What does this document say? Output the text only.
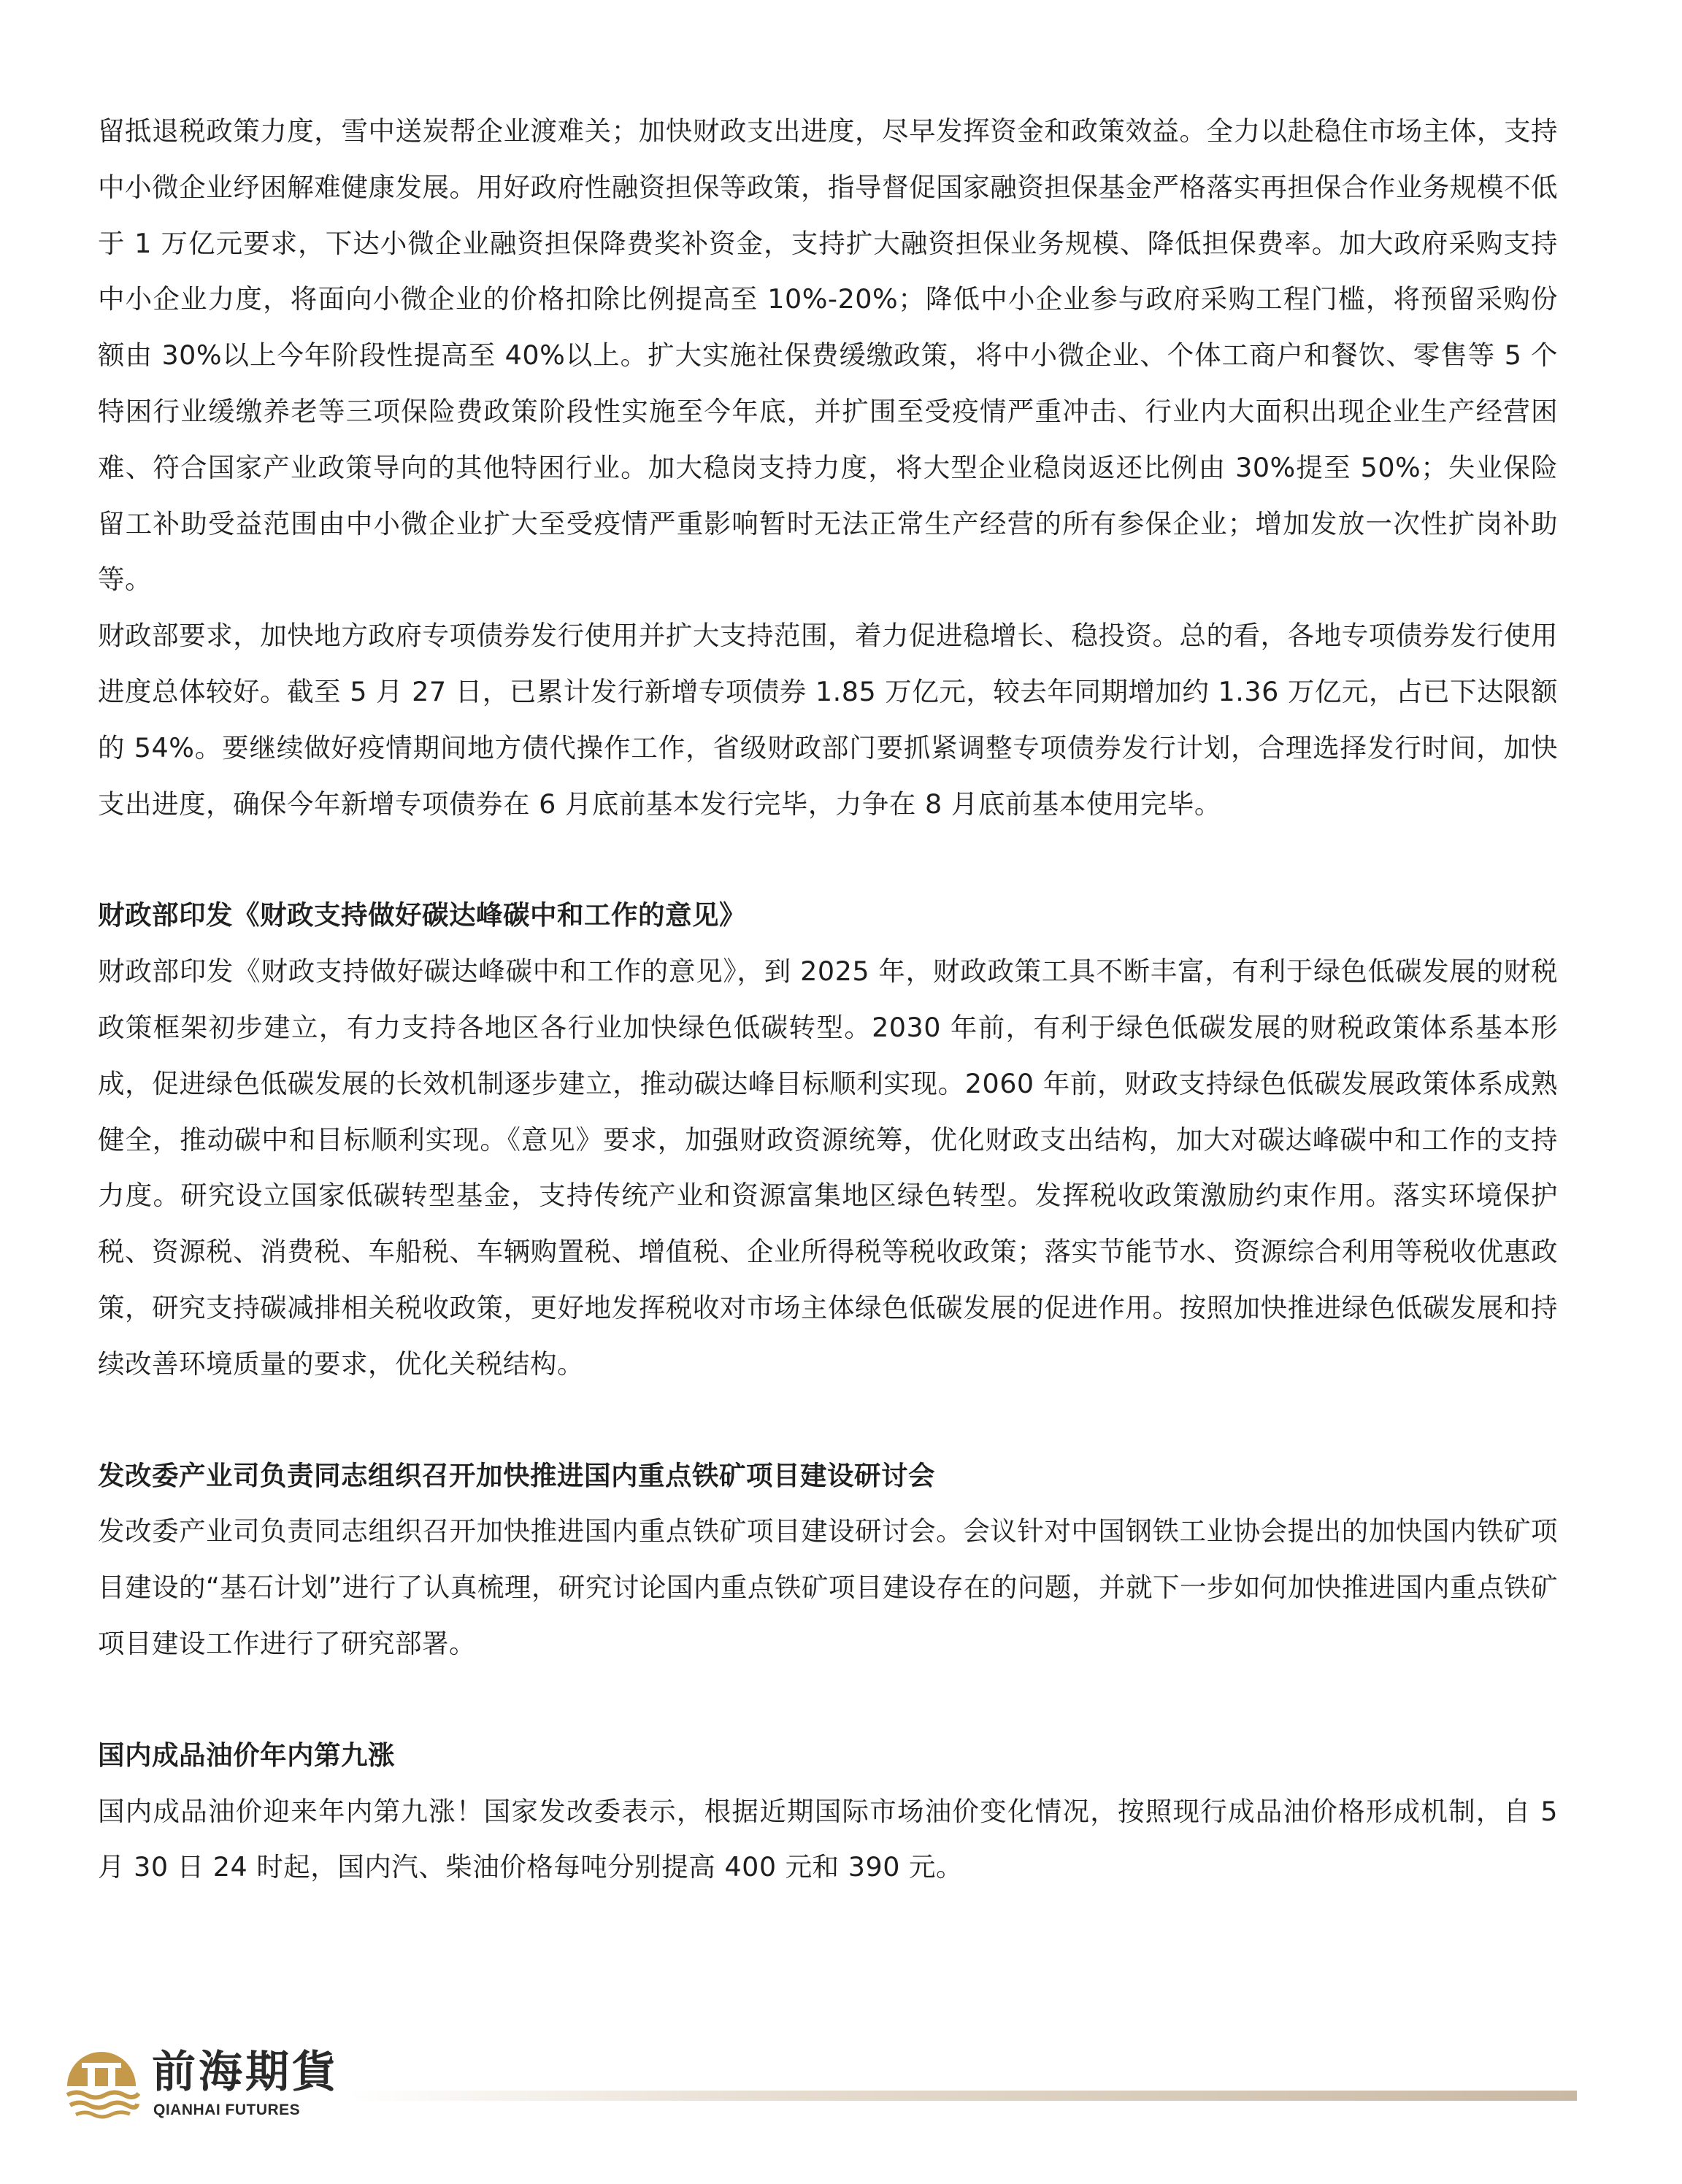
留抵退税政策力度，雪中送炭帮企业渡难关；加快财政支出进度，尽早发挥资金和政策效益。全力以赴稳住市场主体，支持中小微企业纾困解难健康发展。用好政府性融资担保等政策，指导督促国家融资担保基金严格落实再担保合作业务规模不低于 1 万亿元要求，下达小微企业融资担保降费奖补资金，支持扩大融资担保业务规模、降低担保费率。加大政府采购支持中小企业力度，将面向小微企业的价格扣除比例提高至 10%-20%；降低中小企业参与政府采购工程门槛，将预留采购份额由 30%以上今年阶段性提高至 40%以上。扩大实施社保费缓缴政策，将中小微企业、个体工商户和餐饮、零售等 5 个特困行业缓缴养老等三项保险费政策阶段性实施至今年底，并扩围至受疫情严重冲击、行业内大面积出现企业生产经营困难、符合国家产业政策导向的其他特困行业。加大稳岗支持力度，将大型企业稳岗返还比例由 30%提至 50%；失业保险留工补助受益范围由中小微企业扩大至受疫情严重影响暂时无法正常生产经营的所有参保企业；增加发放一次性扩岗补助等。

财政部要求，加快地方政府专项债券发行使用并扩大支持范围，着力促进稳增长、稳投资。总的看，各地专项债券发行使用进度总体较好。截至 5 月 27 日，已累计发行新增专项债券 1.85 万亿元，较去年同期增加约 1.36 万亿元，占已下达限额的 54%。要继续做好疫情期间地方债代操作工作，省级财政部门要抓紧调整专项债券发行计划，合理选择发行时间，加快支出进度，确保今年新增专项债券在 6 月底前基本发行完毕，力争在 8 月底前基本使用完毕。

财政部印发《财政支持做好碳达峰碳中和工作的意见》

财政部印发《财政支持做好碳达峰碳中和工作的意见》，到 2025 年，财政政策工具不断丰富，有利于绿色低碳发展的财税政策框架初步建立，有力支持各地区各行业加快绿色低碳转型。2030 年前，有利于绿色低碳发展的财税政策体系基本形成，促进绿色低碳发展的长效机制逐步建立，推动碳达峰目标顺利实现。2060 年前，财政支持绿色低碳发展政策体系成熟健全，推动碳中和目标顺利实现。《意见》要求，加强财政资源统筹，优化财政支出结构，加大对碳达峰碳中和工作的支持力度。研究设立国家低碳转型基金，支持传统产业和资源富集地区绿色转型。发挥税收政策激励约束作用。落实环境保护税、资源税、消费税、车船税、车辆购置税、增值税、企业所得税等税收政策；落实节能节水、资源综合利用等税收优惠政策，研究支持碳减排相关税收政策，更好地发挥税收对市场主体绿色低碳发展的促进作用。按照加快推进绿色低碳发展和持续改善环境质量的要求，优化关税结构。

发改委产业司负责同志组织召开加快推进国内重点铁矿项目建设研讨会

发改委产业司负责同志组织召开加快推进国内重点铁矿项目建设研讨会。会议针对中国钢铁工业协会提出的加快国内铁矿项目建设的“基石计划”进行了认真梳理，研究讨论国内重点铁矿项目建设存在的问题，并就下一步如何加快推进国内重点铁矿项目建设工作进行了研究部署。

国内成品油价年内第九涨

国内成品油价迎来年内第九涨！国家发改委表示，根据近期国际市场油价变化情况，按照现行成品油价格形成机制，自 5 月 30 日 24 时起，国内汽、柴油价格每吨分别提高 400 元和 390 元。

前海期貨
QIANHAI FUTURES
